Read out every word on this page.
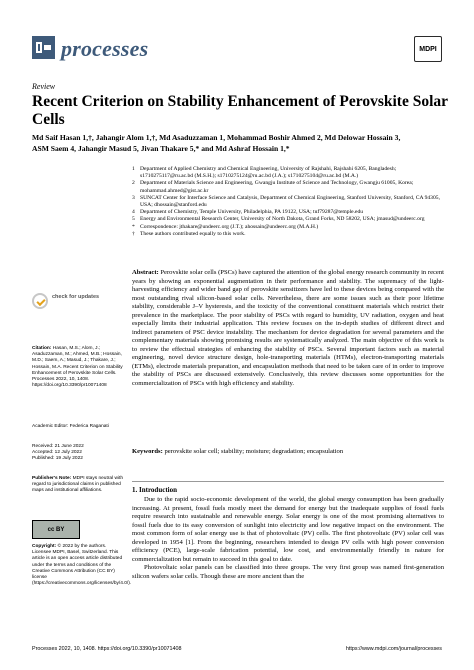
processes	MDPI
Review
Recent Criterion on Stability Enhancement of Perovskite Solar Cells
Md Saif Hasan 1,†, Jahangir Alom 1,†, Md Asaduzzaman 1, Mohammad Boshir Ahmed 2, Md Delowar Hossain 3,
ASM Saem 4, Jahangir Masud 5, Jivan Thakare 5,* and Md Ashraf Hossain 1,*
1 Department of Applied Chemistry and Chemical Engineering, University of Rajshahi, Rajshahi 6205, Bangladesh; s1710275117@ru.ac.bd (M.S.H.); s1710275124@ru.ac.bd (J.A.); s1710275104@ru.ac.bd (M.A.)
2 Department of Materials Science and Engineering, Gwangju Institute of Science and Technology, Gwangju 61005, Korea; mohammad.ahmed@gist.ac.kr
3 SUNCAT Center for Interface Science and Catalysis, Department of Chemical Engineering, Stanford University, Stanford, CA 94305, USA; dhossain@stanford.edu
4 Department of Chemistry, Temple University, Philadelphia, PA 19122, USA; tuf79287@temple.edu
5 Energy and Environmental Research Center, University of North Dakota, Grand Forks, ND 58202, USA; jmasud@undeerc.org
* Correspondence: jthakare@undeerc.org (J.T.); ahossain@undeerc.org (M.A.H.)
† These authors contributed equally to this work.
Abstract: Perovskite solar cells (PSCs) have captured the attention of the global energy research community in recent years by showing an exponential augmentation in their performance and stability. The supremacy of the light-harvesting efficiency and wider band gap of perovskite sensitizers have led to these devices being compared with the most outstanding rival silicon-based solar cells. Nevertheless, there are some issues such as their poor lifetime stability, considerable J–V hysteresis, and the toxicity of the conventional constituent materials which restrict their prevalence in the marketplace. The poor stability of PSCs with regard to humidity, UV radiation, oxygen and heat especially limits their industrial application. This review focuses on the in-depth studies of different direct and indirect parameters of PSC device instability. The mechanism for device degradation for several parameters and the complementary materials showing promising results are systematically analyzed. The main objective of this work is to review the effectual strategies of enhancing the stability of PSCs. Several important factors such as material engineering, novel device structure design, hole-transporting materials (HTMs), electron-transporting materials (ETMs), electrode materials preparation, and encapsulation methods that need to be taken care of in order to improve the stability of PSCs are discussed extensively. Conclusively, this review discusses some opportunities for the commercialization of PSCs with high efficiency and stability.
Keywords: perovskite solar cell; stability; moisture; degradation; encapsulation
1. Introduction
Due to the rapid socio-economic development of the world, the global energy consumption has been gradually increasing. At present, fossil fuels mostly meet the demand for energy but the inadequate supplies of fossil fuels require research into sustainable and renewable energy. Solar energy is one of the most promising alternatives to fossil fuels due to its easy conversion of sunlight into electricity and low negative impact on the environment. The most common form of solar energy use is that of photovoltaic (PV) cells. The first photovoltaic (PV) solar cell was developed in 1954 [1]. From the beginning, researchers intended to design PV cells with high power conversion efficiency (PCE), large-scale fabrication potential, low cost, and environmentally friendly in nature for commercialization but remain to succeed in this goal to date.
Photovoltaic solar panels can be classified into three groups. The very first group was named first-generation silicon wafers solar cells. Though these are more ancient than the
check for updates
Citation: Hasan, M.S.; Alom, J.; Asaduzzaman, M.; Ahmed, M.B.; Hossain, M.D.; Saem, A.; Masud, J.; Thakare, J.; Hossain, M.A. Recent Criterion on Stability Enhancement of Perovskite Solar Cells. Processes 2022, 10, 1408. https://doi.org/10.3390/pr10071408
Academic Editor: Federica Raganati
Received: 21 June 2022
Accepted: 12 July 2022
Published: 19 July 2022
Publisher's Note: MDPI stays neutral with regard to jurisdictional claims in published maps and institutional affiliations.
cc BY
Copyright: © 2022 by the authors. Licensee MDPI, Basel, Switzerland. This article is an open access article distributed under the terms and conditions of the Creative Commons Attribution (CC BY) license (https://creativecommons.org/licenses/by/4.0/).
Processes 2022, 10, 1408. https://doi.org/10.3390/pr10071408	https://www.mdpi.com/journal/processes
